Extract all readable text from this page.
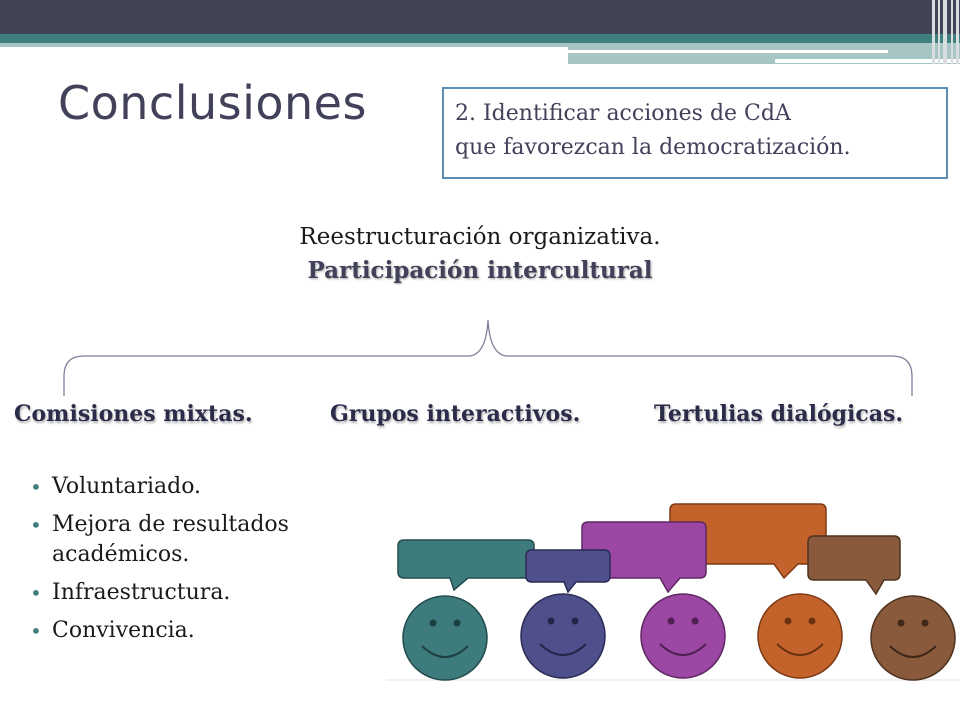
Conclusiones	2. Identificar acciones de CdA
que favorezcan la democratización.

Reestructuración organizativa.

Participación intercultural

Comisiones mixtas.	Grupos interactivos.	Tertulias dialógicas.

• Voluntariado.
• Mejora de resultados
académicos.
• Infraestructura.
• Convivencia.
